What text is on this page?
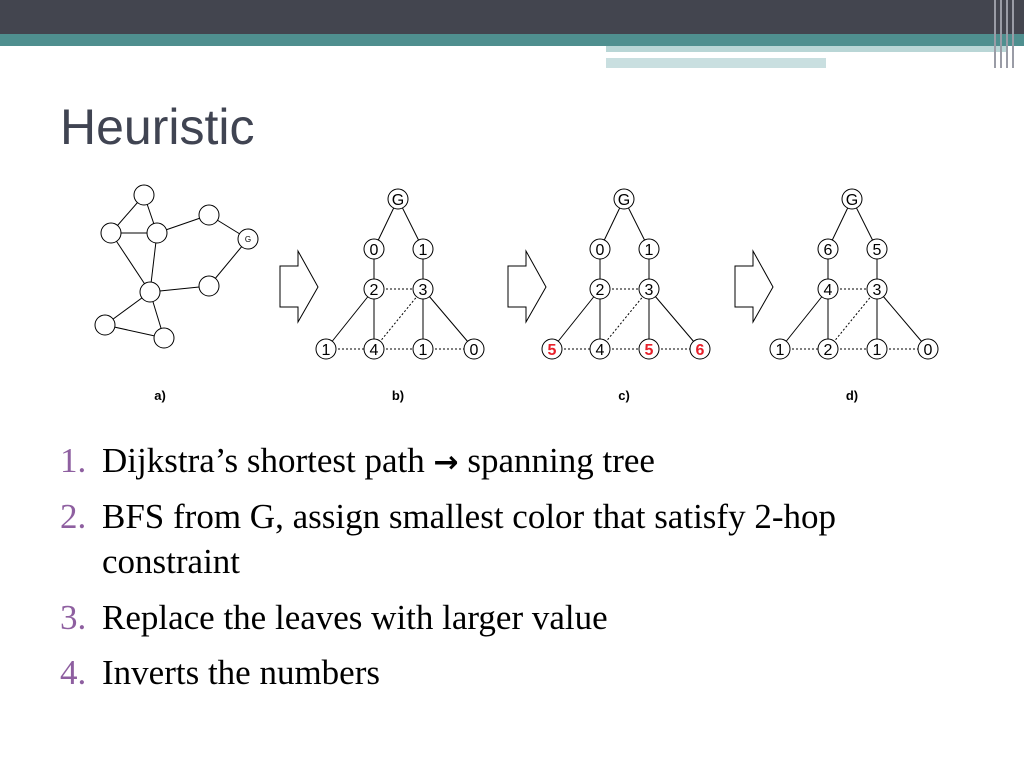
Heuristic
G
a)
G
0	1
2	3
1 4	1	0
b)
G
0	1
2	3
5 4	5	6
c)
G
6	5
4	3
1 2	1	0
d)
1. Dijkstra’s shortest path → spanning tree
2. BFS from G, assign smallest color that satisfy 2-hop constraint
3. Replace the leaves with larger value
4. Inverts the numbers
